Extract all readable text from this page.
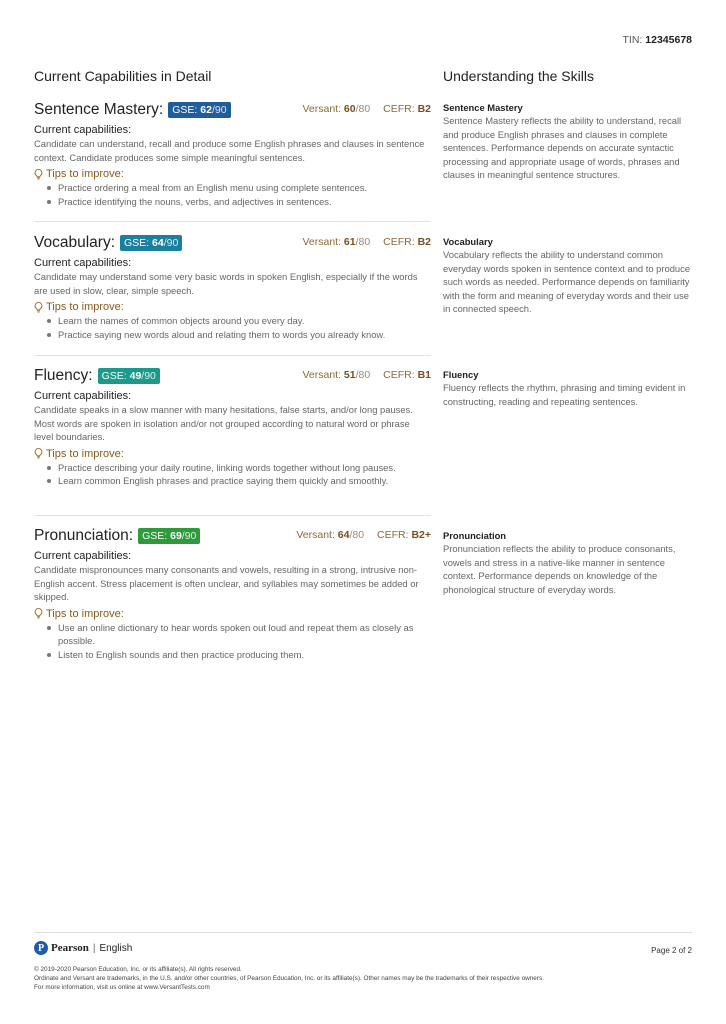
TIN: 12345678
Current Capabilities in Detail	Understanding the Skills
Sentence Mastery: GSE: 62/90	Versant: 60/80 CEFR: B2
Current capabilities:
Candidate can understand, recall and produce some English phrases and clauses in sentence context. Candidate produces some simple meaningful sentences.
Tips to improve:
Practice ordering a meal from an English menu using complete sentences.
Practice identifying the nouns, verbs, and adjectives in sentences.
Vocabulary: GSE: 64/90	Versant: 61/80 CEFR: B2
Current capabilities:
Candidate may understand some very basic words in spoken English, especially if the words are used in slow, clear, simple speech.
Tips to improve:
Learn the names of common objects around you every day.
Practice saying new words aloud and relating them to words you already know.
Fluency: GSE: 49/90	Versant: 51/80 CEFR: B1
Current capabilities:
Candidate speaks in a slow manner with many hesitations, false starts, and/or long pauses. Most words are spoken in isolation and/or not grouped according to natural word or phrase level boundaries.
Tips to improve:
Practice describing your daily routine, linking words together without long pauses.
Learn common English phrases and practice saying them quickly and smoothly.
Pronunciation: GSE: 69/90	Versant: 64/80 CEFR: B2+
Current capabilities:
Candidate mispronounces many consonants and vowels, resulting in a strong, intrusive non-English accent. Stress placement is often unclear, and syllables may sometimes be added or skipped.
Tips to improve:
Use an online dictionary to hear words spoken out loud and repeat them as closely as possible.
Listen to English sounds and then practice producing them.
Sentence Mastery
Sentence Mastery reflects the ability to understand, recall and produce English phrases and clauses in complete sentences. Performance depends on accurate syntactic processing and appropriate usage of words, phrases and clauses in meaningful sentence structures.
Vocabulary
Vocabulary reflects the ability to understand common everyday words spoken in sentence context and to produce such words as needed. Performance depends on familiarity with the form and meaning of everyday words and their use in connected speech.
Fluency
Fluency reflects the rhythm, phrasing and timing evident in constructing, reading and repeating sentences.
Pronunciation
Pronunciation reflects the ability to produce consonants, vowels and stress in a native-like manner in sentence context. Performance depends on knowledge of the phonological structure of everyday words.
P Pearson | English	Page 2 of 2
© 2019-2020 Pearson Education, Inc. or its affiliate(s). All rights reserved.
Ordinate and Versant are trademarks, in the U.S. and/or other countries, of Pearson Education, Inc. or its affiliate(s). Other names may be the trademarks of their respective owners.
For more information, visit us online at www.VersantTests.com
